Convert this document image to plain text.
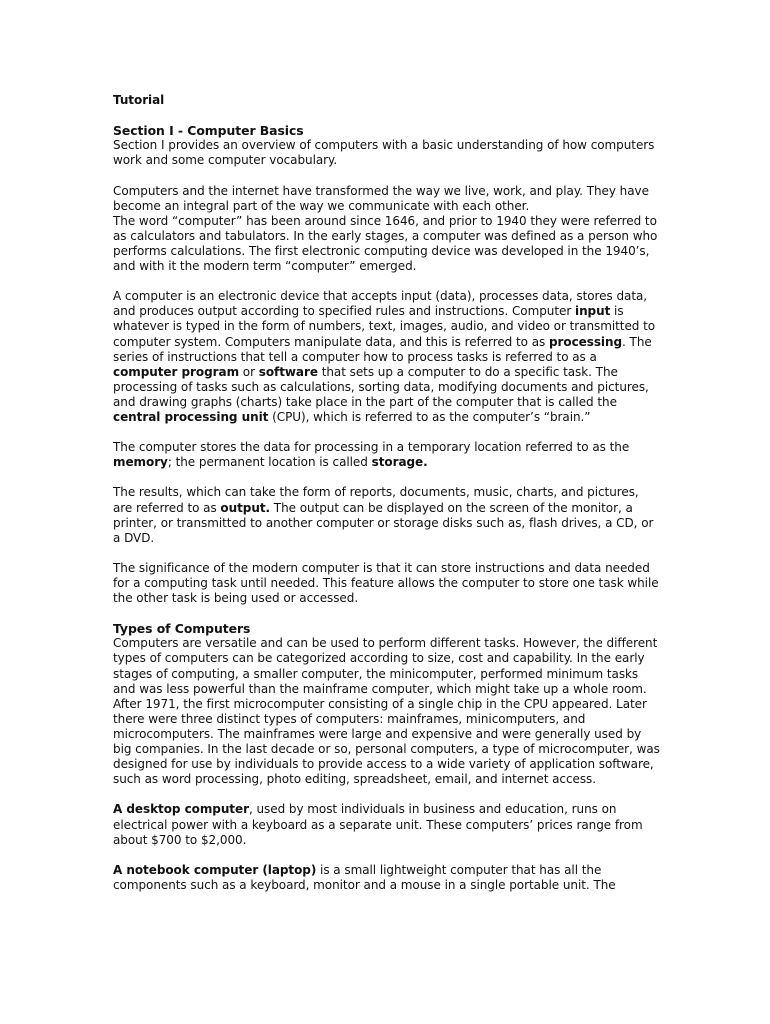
Tutorial

Section I - Computer Basics

Section I provides an overview of computers with a basic understanding of how computers work and some computer vocabulary.

Computers and the internet have transformed the way we live, work, and play. They have become an integral part of the way we communicate with each other.

The word “computer” has been around since 1646, and prior to 1940 they were referred to as calculators and tabulators. In the early stages, a computer was defined as a person who performs calculations. The first electronic computing device was developed in the 1940’s, and with it the modern term “computer” emerged.

A computer is an electronic device that accepts input (data), processes data, stores data, and produces output according to specified rules and instructions. Computer input is whatever is typed in the form of numbers, text, images, audio, and video or transmitted to computer system. Computers manipulate data, and this is referred to as processing. The series of instructions that tell a computer how to process tasks is referred to as a computer program or software that sets up a computer to do a specific task. The processing of tasks such as calculations, sorting data, modifying documents and pictures, and drawing graphs (charts) take place in the part of the computer that is called the central processing unit (CPU), which is referred to as the computer’s “brain.”

The computer stores the data for processing in a temporary location referred to as the memory; the permanent location is called storage.

The results, which can take the form of reports, documents, music, charts, and pictures, are referred to as output. The output can be displayed on the screen of the monitor, a printer, or transmitted to another computer or storage disks such as, flash drives, a CD, or a DVD.

The significance of the modern computer is that it can store instructions and data needed for a computing task until needed. This feature allows the computer to store one task while the other task is being used or accessed.

Types of Computers

Computers are versatile and can be used to perform different tasks. However, the different types of computers can be categorized according to size, cost and capability. In the early stages of computing, a smaller computer, the minicomputer, performed minimum tasks and was less powerful than the mainframe computer, which might take up a whole room. After 1971, the first microcomputer consisting of a single chip in the CPU appeared. Later there were three distinct types of computers: mainframes, minicomputers, and microcomputers. The mainframes were large and expensive and were generally used by big companies. In the last decade or so, personal computers, a type of microcomputer, was designed for use by individuals to provide access to a wide variety of application software, such as word processing, photo editing, spreadsheet, email, and internet access.

A desktop computer, used by most individuals in business and education, runs on electrical power with a keyboard as a separate unit. These computers’ prices range from about $700 to $2,000.

A notebook computer (laptop) is a small lightweight computer that has all the components such as a keyboard, monitor and a mouse in a single portable unit. The
